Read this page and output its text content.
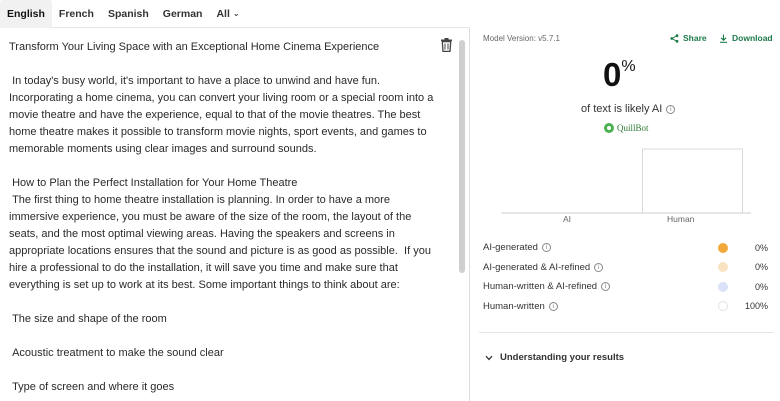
English	French	Spanish	German	All ⌄

Transform Your Living Space with an Exceptional Home Cinema Experience

In today's busy world, it's important to have a place to unwind and have fun.  Incorporating a home cinema, you can convert your living room or a special room into a movie theatre and have the experience, equal to that of the movie theatres. The best home theatre makes it possible to transform movie nights, sport events, and games to memorable moments using clear images and surround sounds.

How to Plan the Perfect Installation for Your Home Theatre

The first thing to home theatre installation is planning. In order to have a more immersive experience, you must be aware of the size of the room, the layout of the seats, and the most optimal viewing areas. Having the speakers and screens in appropriate locations ensures that the sound and picture is as good as possible.  If you hire a professional to do the installation, it will save you time and make sure that everything is set up to work at its best. Some important things to think about are:

The size and shape of the room

Acoustic treatment to make the sound clear

Type of screen and where it goes

Model Version: v5.7.1	Share	Download
0%
of text is likely AI	i
QuillBot
AI	Human
AI-generated	i	0%
AI-generated & AI-refined	i	0%
Human-written & AI-refined	i	0%
Human-written	i	100%
Understanding your results
